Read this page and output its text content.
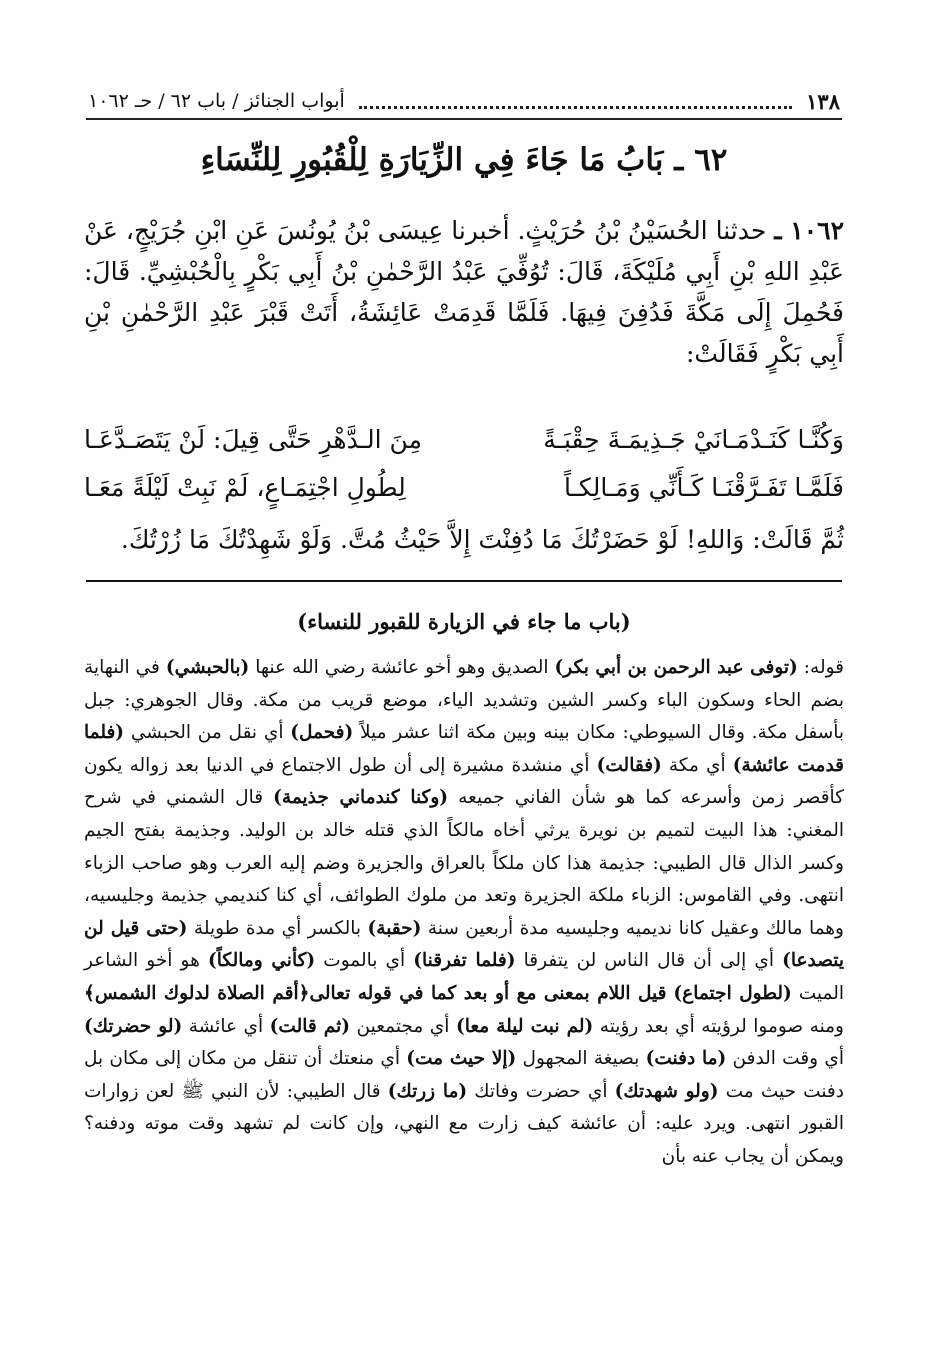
أبواب الجنائز / باب ٦٢ / حـ ١٠٦٢	١٣٨
٦٢ ـ بَابُ مَا جَاءَ فِي الزِّيَارَةِ لِلْقُبُورِ لِلنِّسَاءِ

١٠٦٢ ـ حدثنا الحُسَيْنُ بْنُ حُرَيْثٍ. أخبرنا عِيسَى بْنُ يُونُسَ عَنِ ابْنِ جُرَيْجٍ، عَنْ عَبْدِ اللهِ بْنِ أَبِي مُلَيْكَةَ، قَالَ: تُوُفِّيَ عَبْدُ الرَّحْمٰنِ بْنُ أَبِي بَكْرٍ بِالْحُبْشِيِّ. قَالَ: فَحُمِلَ إِلَى مَكَّةَ فَدُفِنَ فِيهَا. فَلَمَّا قَدِمَتْ عَائِشَةُ، أَتَتْ قَبْرَ عَبْدِ الرَّحْمٰنِ بْنِ أَبِي بَكْرٍ فَقَالَتْ:

وَكُنَّـا كَنَـدْمَـانَيْ جَـذِيمَـةَ حِقْبَـةً
مِنَ الـدَّهْرِ حَتَّى قِيلَ: لَنْ يَتَصَـدَّعَـا
فَلَمَّـا تَفَـرَّقْنَـا كَـأَنِّي وَمَـالِكـاً
لِطُولِ اجْتِمَـاعٍ، لَمْ نَبِتْ لَيْلَةً مَعَـا
ثُمَّ قَالَتْ: وَاللهِ! لَوْ حَضَرْتُكَ مَا دُفِنْتَ إِلاَّ حَيْثُ مُتَّ. وَلَوْ شَهِدْتُكَ مَا زُرْتُكَ.
(باب ما جاء في الزيارة للقبور للنساء)

قوله: (توفى عبد الرحمن بن أبي بكر) الصديق وهو أخو عائشة رضي الله عنها (بالحبشي) في النهاية بضم الحاء وسكون الباء وكسر الشين وتشديد الياء، موضع قريب من مكة. وقال الجوهري: جبل بأسفل مكة. وقال السيوطي: مكان بينه وبين مكة اثنا عشر ميلاً (فحمل) أي نقل من الحبشي (فلما قدمت عائشة) أي مكة (فقالت) أي منشدة مشيرة إلى أن طول الاجتماع في الدنيا بعد زواله يكون كأقصر زمن وأسرعه كما هو شأن الفاني جميعه (وكنا كندماني جذيمة) قال الشمني في شرح المغني: هذا البيت لتميم بن نويرة يرثي أخاه مالكاً الذي قتله خالد بن الوليد. وجذيمة بفتح الجيم وكسر الذال قال الطيبي: جذيمة هذا كان ملكاً بالعراق والجزيرة وضم إليه العرب وهو صاحب الزباء انتهى. وفي القاموس: الزباء ملكة الجزيرة وتعد من ملوك الطوائف، أي كنا كنديمي جذيمة وجليسيه، وهما مالك وعقيل كانا نديميه وجليسيه مدة أربعين سنة (حقبة) بالكسر أي مدة طويلة (حتى قيل لن يتصدعا) أي إلى أن قال الناس لن يتفرقا (فلما تفرقنا) أي بالموت (كأني ومالكاً) هو أخو الشاعر الميت (لطول اجتماع) قيل اللام بمعنى مع أو بعد كما في قوله تعالى﴿أقم الصلاة لدلوك الشمس﴾ ومنه صوموا لرؤيته أي بعد رؤيته (لم نبت ليلة معا) أي مجتمعين (ثم قالت) أي عائشة (لو حضرتك) أي وقت الدفن (ما دفنت) بصيغة المجهول (إلا حيث مت) أي منعتك أن تنقل من مكان إلى مكان بل دفنت حيث مت (ولو شهدتك) أي حضرت وفاتك (ما زرتك) قال الطيبي: لأن النبي ﷺ لعن زوارات القبور انتهى. ويرد عليه: أن عائشة كيف زارت مع النهي، وإن كانت لم تشهد وقت موته ودفنه؟ ويمكن أن يجاب عنه بأن
